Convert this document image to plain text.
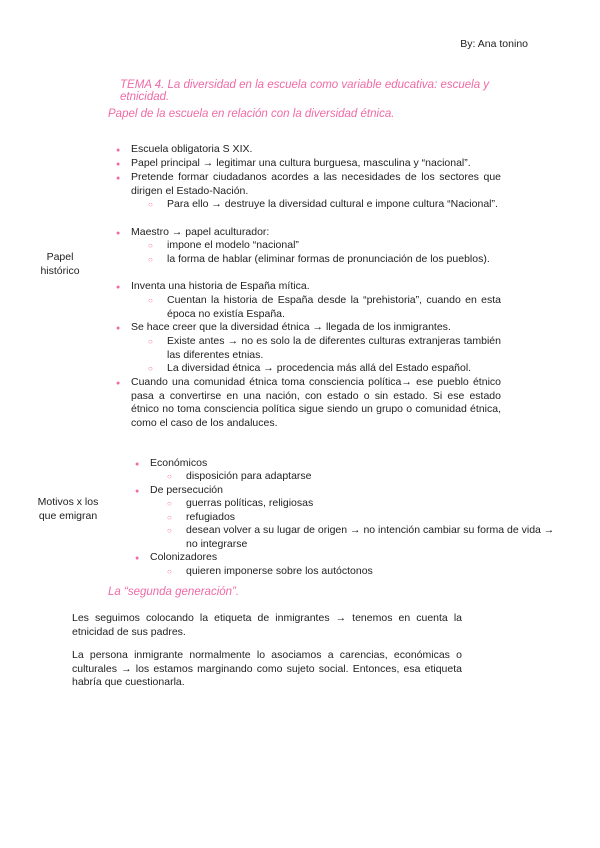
By: Ana tonino
TEMA 4. La diversidad en la escuela como variable educativa: escuela y etnicidad.
Papel de la escuela en relación con la diversidad étnica.
Papel histórico
● Escuela obligatoria S XIX.
● Papel principal → legitimar una cultura burguesa, masculina y “nacional”.
● Pretende formar ciudadanos acordes a las necesidades de los sectores que dirigen el Estado-Nación.
○ Para ello → destruye la diversidad cultural e impone cultura “Nacional”.
● Maestro → papel aculturador:
○ impone el modelo “nacional”
○ la forma de hablar (eliminar formas de pronunciación de los pueblos).
● Inventa una historia de España mítica.
○ Cuentan la historia de España desde la “prehistoria”, cuando en esta época no existía España.
● Se hace creer que la diversidad étnica → llegada de los inmigrantes.
○ Existe antes → no es solo la de diferentes culturas extranjeras también las diferentes etnias.
○ La diversidad étnica → procedencia más allá del Estado español.
● Cuando una comunidad étnica toma consciencia política→ ese pueblo étnico pasa a convertirse en una nación, con estado o sin estado. Si ese estado étnico no toma consciencia política sigue siendo un grupo o comunidad étnica, como el caso de los andaluces.
Motivos x los que emigran
● Económicos
○ disposición para adaptarse
● De persecución
○ guerras políticas, religiosas
○ refugiados
○ desean volver a su lugar de origen → no intención cambiar su forma de vida → no integrarse
● Colonizadores
○ quieren imponerse sobre los autóctonos
La “segunda generación”.
Les seguimos colocando la etiqueta de inmigrantes → tenemos en cuenta la etnicidad de sus padres.
La persona inmigrante normalmente lo asociamos a carencias, económicas o culturales → los estamos marginando como sujeto social. Entonces, esa etiqueta habría que cuestionarla.
